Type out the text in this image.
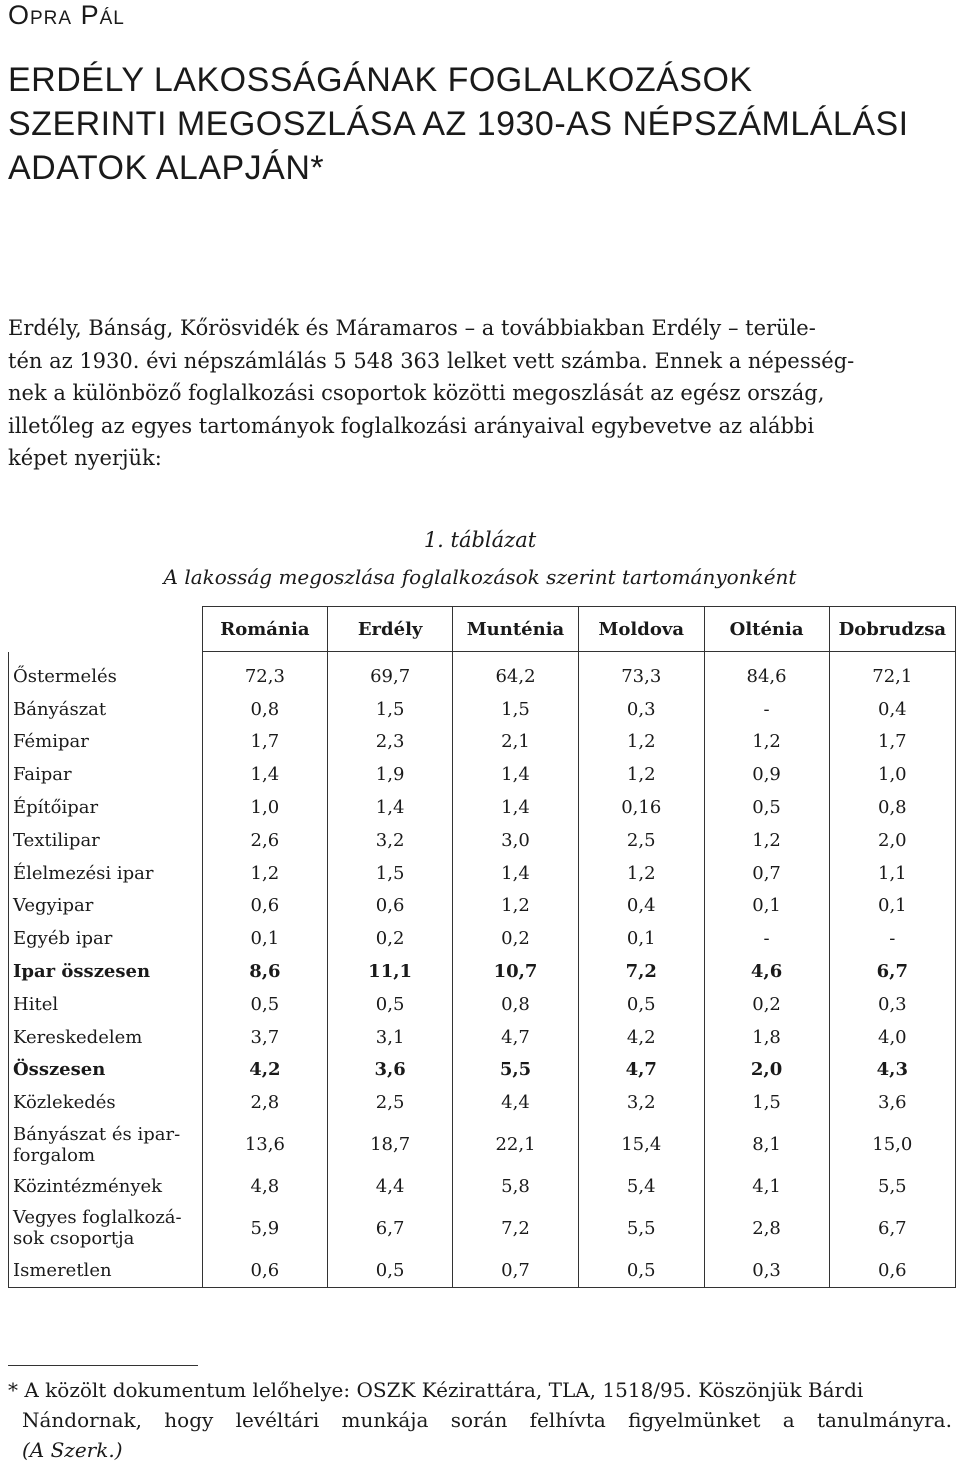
Opra Pál
ERDÉLY LAKOSSÁGÁNAK FOGLALKOZÁSOK
SZERINTI MEGOSZLÁSA AZ 1930-AS NÉPSZÁMLÁLÁSI
ADATOK ALAPJÁN*
Erdély, Bánság, Kőrösvidék és Máramaros – a továbbiakban Erdély – terüle-
tén az 1930. évi népszámlálás 5 548 363 lelket vett számba. Ennek a népesség-
nek a különböző foglalkozási csoportok közötti megoszlását az egész ország,
illetőleg az egyes tartományok foglalkozási arányaival egybevetve az alábbi
képet nyerjük:
1. táblázat
A lakosság megoszlása foglalkozások szerint tartományonként
	Románia	Erdély	Munténia	Moldova	Olténia	Dobrudzsa
Őstermelés	72,3	69,7	64,2	73,3	84,6	72,1
Bányászat	0,8	1,5	1,5	0,3	-	0,4
Fémipar	1,7	2,3	2,1	1,2	1,2	1,7
Faipar	1,4	1,9	1,4	1,2	0,9	1,0
Építőipar	1,0	1,4	1,4	0,16	0,5	0,8
Textilipar	2,6	3,2	3,0	2,5	1,2	2,0
Élelmezési ipar	1,2	1,5	1,4	1,2	0,7	1,1
Vegyipar	0,6	0,6	1,2	0,4	0,1	0,1
Egyéb ipar	0,1	0,2	0,2	0,1	-	-
Ipar összesen	8,6	11,1	10,7	7,2	4,6	6,7
Hitel	0,5	0,5	0,8	0,5	0,2	0,3
Kereskedelem	3,7	3,1	4,7	4,2	1,8	4,0
Összesen	4,2	3,6	5,5	4,7	2,0	4,3
Közlekedés	2,8	2,5	4,4	3,2	1,5	3,6

Bányászat és ipar-
forgalom	13,6	18,7	22,1	15,4	8,1	15,0
Közintézmények	4,8	4,4	5,8	5,4	4,1	5,5

Vegyes foglalkozá-
sok csoportja	5,9	6,7	7,2	5,5	2,8	6,7
Ismeretlen	0,6	0,5	0,7	0,5	0,3	0,6
* A közölt dokumentum lelőhelye: OSZK Kézirattára, TLA, 1518/95. Köszönjük Bárdi
Nándornak, hogy levéltári munkája során felhívta figyelmünket a tanulmányra.
(A Szerk.)
